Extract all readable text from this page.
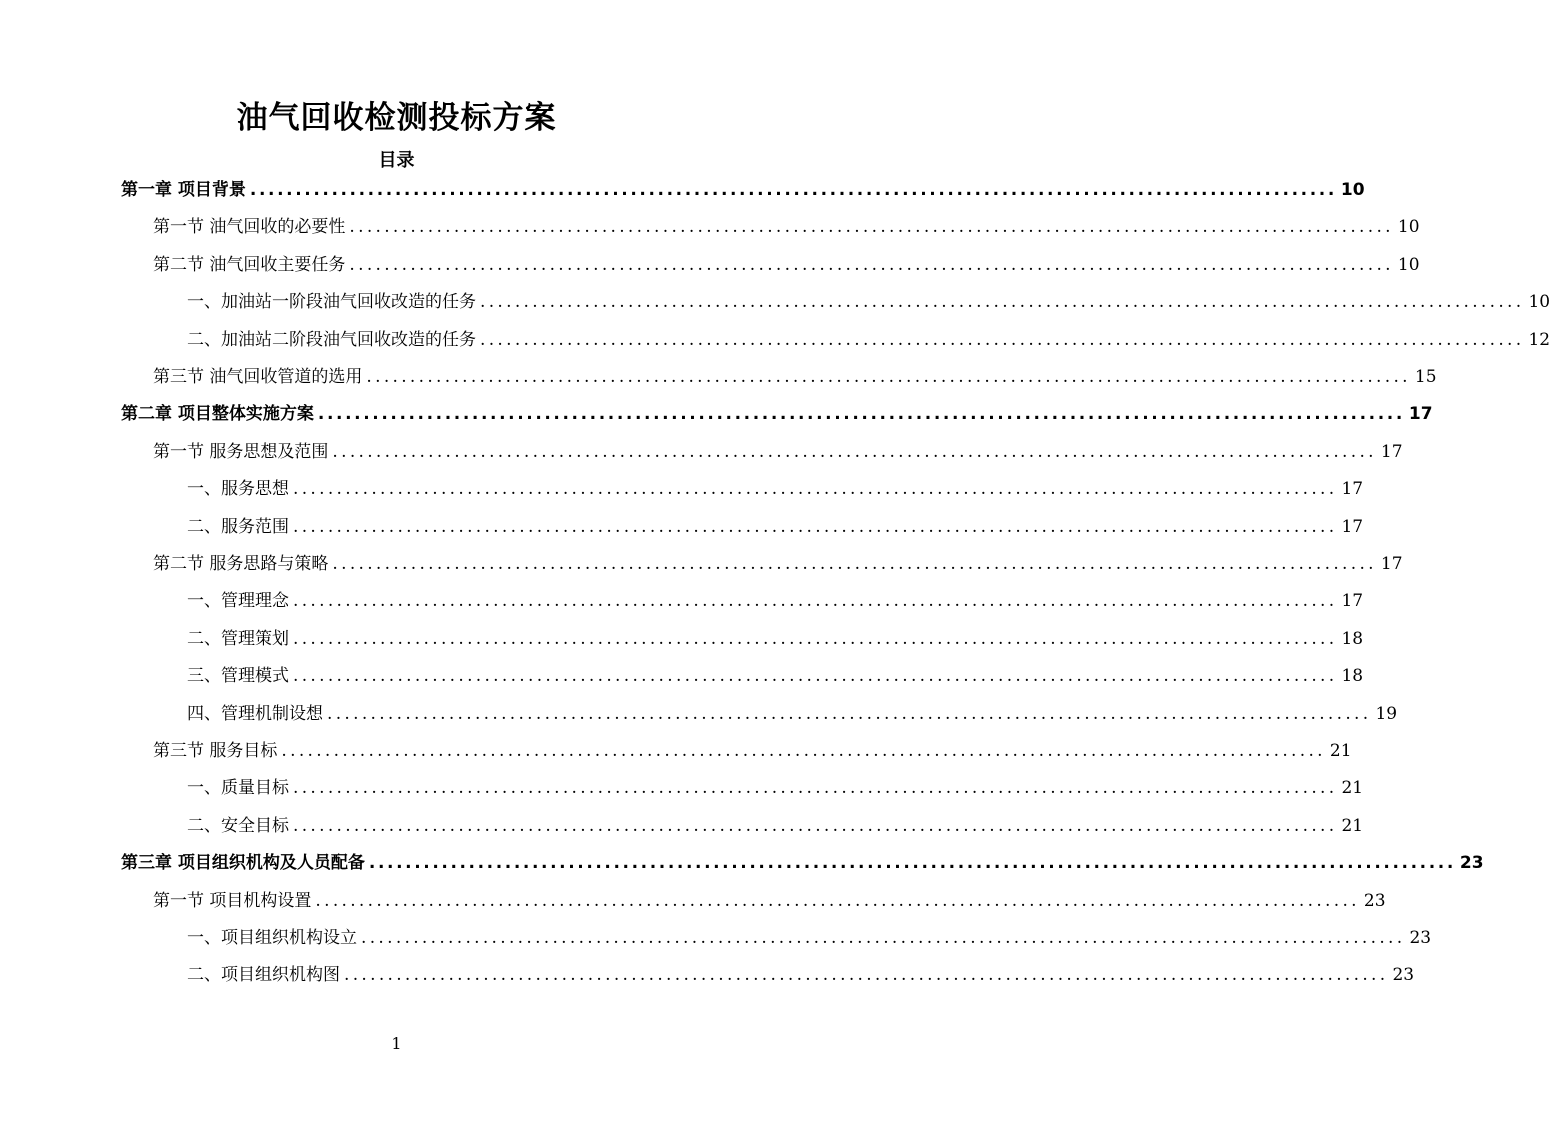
油气回收检测投标方案
目录
第一章 项目背景 ........................................................................................................................ 10
第一节 油气回收的必要性 ........................................................................................................................ 10
第二节 油气回收主要任务 ........................................................................................................................ 10
一、加油站一阶段油气回收改造的任务 ........................................................................................................................ 10
二、加油站二阶段油气回收改造的任务 ........................................................................................................................ 12
第三节 油气回收管道的选用 ........................................................................................................................ 15
第二章 项目整体实施方案 ........................................................................................................................ 17
第一节 服务思想及范围 ........................................................................................................................ 17
一、服务思想 ........................................................................................................................ 17
二、服务范围 ........................................................................................................................ 17
第二节 服务思路与策略 ........................................................................................................................ 17
一、管理理念 ........................................................................................................................ 17
二、管理策划 ........................................................................................................................ 18
三、管理模式 ........................................................................................................................ 18
四、管理机制设想 ........................................................................................................................ 19
第三节 服务目标 ........................................................................................................................ 21
一、质量目标 ........................................................................................................................ 21
二、安全目标 ........................................................................................................................ 21
第三章 项目组织机构及人员配备 ........................................................................................................................ 23
第一节 项目机构设置 ........................................................................................................................ 23
一、项目组织机构设立 ........................................................................................................................ 23
二、项目组织机构图 ........................................................................................................................ 23
1
